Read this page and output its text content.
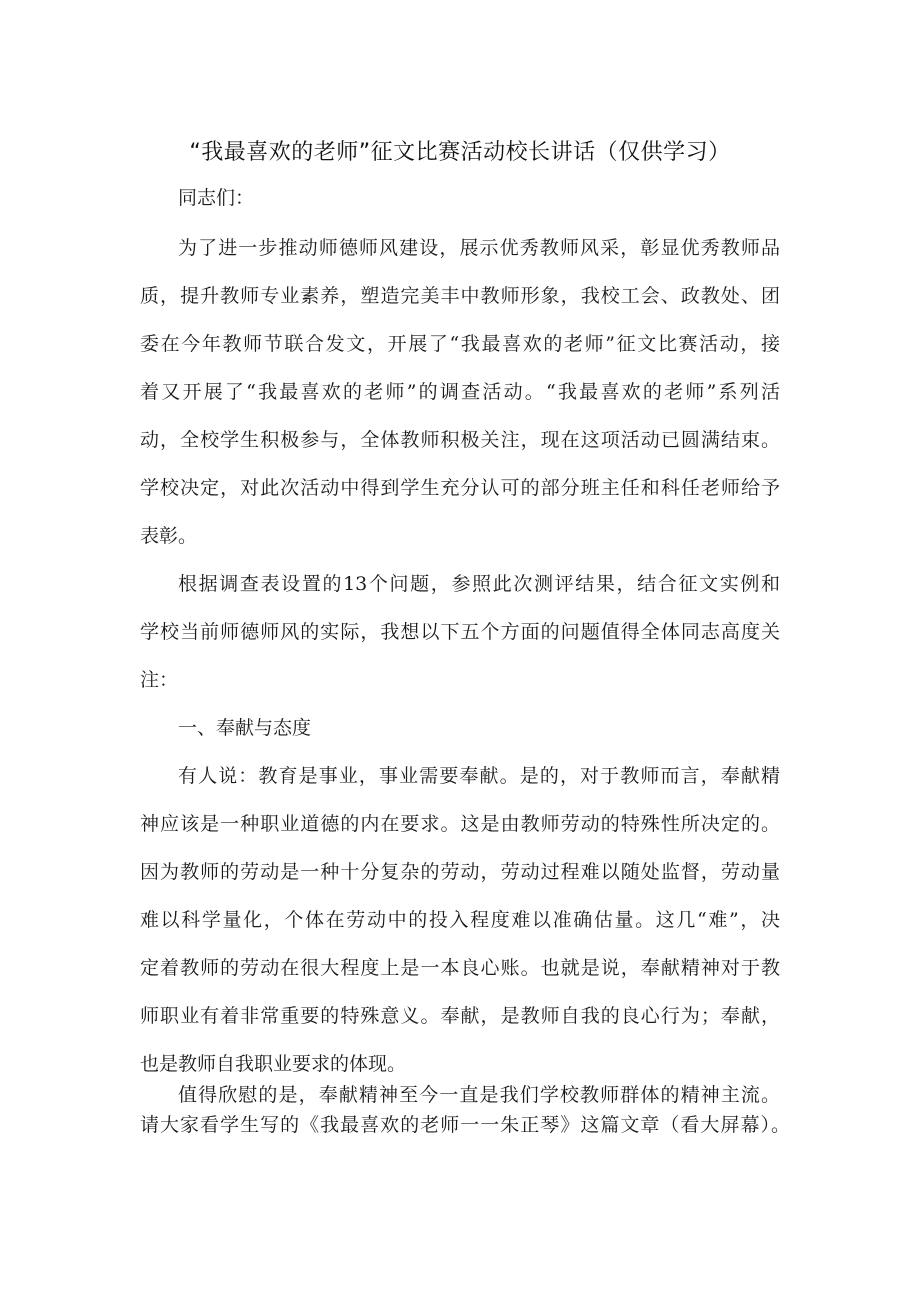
“我最喜欢的老师”征文比赛活动校长讲话（仅供学习）
同志们：
为了进一步推动师德师风建设，展示优秀教师风采，彰显优秀教师品
质，提升教师专业素养，塑造完美丰中教师形象，我校工会、政教处、团
委在今年教师节联合发文，开展了“我最喜欢的老师”征文比赛活动，接
着又开展了“我最喜欢的老师”的调查活动。“我最喜欢的老师”系列活
动，全校学生积极参与，全体教师积极关注，现在这项活动已圆满结束。
学校决定，对此次活动中得到学生充分认可的部分班主任和科任老师给予
表彰。
根据调查表设置的13个问题，参照此次测评结果，结合征文实例和
学校当前师德师风的实际，我想以下五个方面的问题值得全体同志高度关
注：
一、奉献与态度
有人说：教育是事业，事业需要奉献。是的，对于教师而言，奉献精
神应该是一种职业道德的内在要求。这是由教师劳动的特殊性所决定的。
因为教师的劳动是一种十分复杂的劳动，劳动过程难以随处监督，劳动量
难以科学量化，个体在劳动中的投入程度难以准确估量。这几“难”，决
定着教师的劳动在很大程度上是一本良心账。也就是说，奉献精神对于教
师职业有着非常重要的特殊意义。奉献，是教师自我的良心行为；奉献，
也是教师自我职业要求的体现。
值得欣慰的是，奉献精神至今一直是我们学校教师群体的精神主流。
请大家看学生写的《我最喜欢的老师一一朱正琴》这篇文章（看大屏幕）。
